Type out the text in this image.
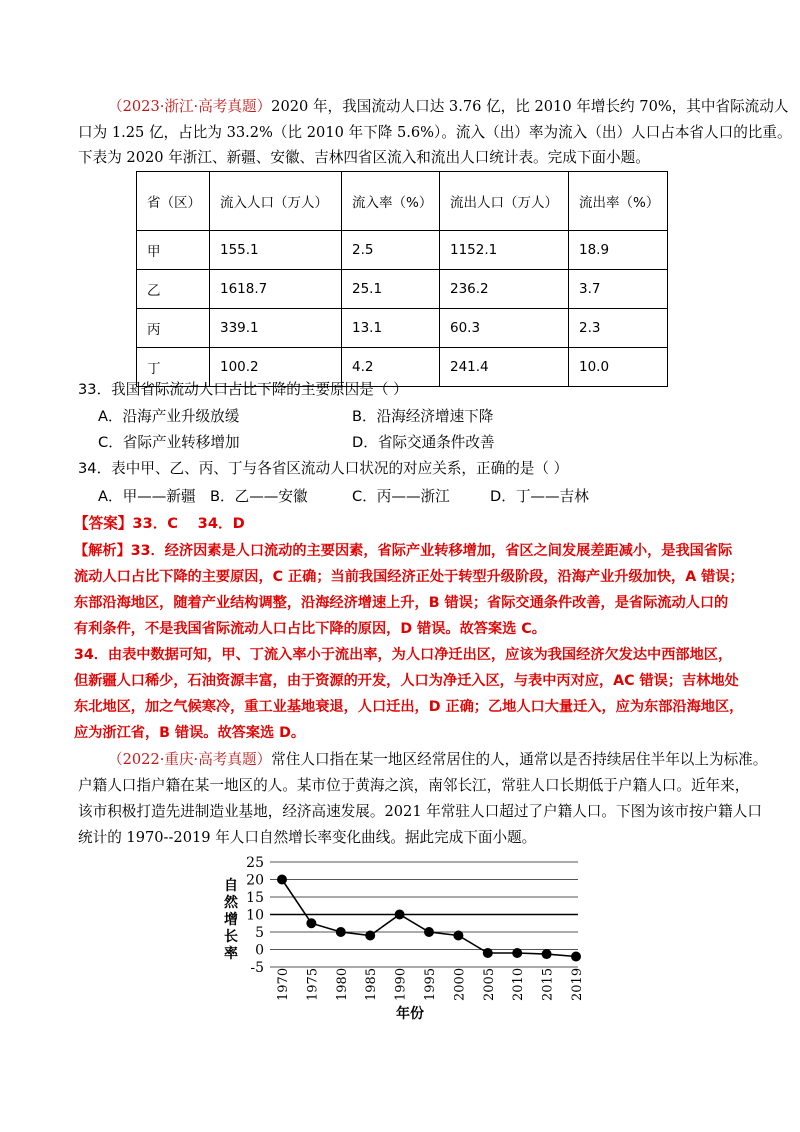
（2023·浙江·高考真题）2020 年，我国流动人口达 3.76 亿，比 2010 年增长约 70%，其中省际流动人
口为 1.25 亿，占比为 33.2%（比 2010 年下降 5.6%）。流入（出）率为流入（出）人口占本省人口的比重。
下表为 2020 年浙江、新疆、安徽、吉林四省区流入和流出人口统计表。完成下面小题。
省（区）	流入人口（万人）	流入率（%）	流出人口（万人）	流出率（%）
甲	155.1	2.5	1152.1	18.9
乙	1618.7	25.1	236.2	3.7
丙	339.1	13.1	60.3	2.3
丁	100.2	4.2	241.4	10.0
33．我国省际流动人口占比下降的主要原因是（ ）
A．沿海产业升级放缓	B．沿海经济增速下降
C．省际产业转移增加	D．省际交通条件改善
34．表中甲、乙、丙、丁与各省区流动人口状况的对应关系，正确的是（ ）
A．甲——新疆 B．乙——安徽	C．丙——浙江	D．丁——吉林
【答案】33．C　 34．D
【解析】33．经济因素是人口流动的主要因素，省际产业转移增加，省区之间发展差距减小，是我国省际
流动人口占比下降的主要原因，C 正确；当前我国经济正处于转型升级阶段，沿海产业升级加快，A 错误；
东部沿海地区，随着产业结构调整，沿海经济增速上升，B 错误；省际交通条件改善，是省际流动人口的
有利条件，不是我国省际流动人口占比下降的原因，D 错误。故答案选 C。
34．由表中数据可知，甲、丁流入率小于流出率，为人口净迁出区，应该为我国经济欠发达中西部地区，
但新疆人口稀少，石油资源丰富，由于资源的开发，人口为净迁入区，与表中丙对应，AC 错误；吉林地处
东北地区，加之气候寒冷，重工业基地衰退，人口迁出，D 正确；乙地人口大量迁入，应为东部沿海地区，
应为浙江省，B 错误。故答案选 D。
（2022·重庆·高考真题）常住人口指在某一地区经常居住的人，通常以是否持续居住半年以上为标准。
户籍人口指户籍在某一地区的人。某市位于黄海之滨，南邻长江，常驻人口长期低于户籍人口。近年来，
该市积极打造先进制造业基地，经济高速发展。2021 年常驻人口超过了户籍人口。下图为该市按户籍人口
统计的 1970--2019 年人口自然增长率变化曲线。据此完成下面小题。
25
20
15
10
5
0
-5 1970 1975 1980 1985 1990 1995 2000 2005 2010 2015 2019
自然增长率
年份
